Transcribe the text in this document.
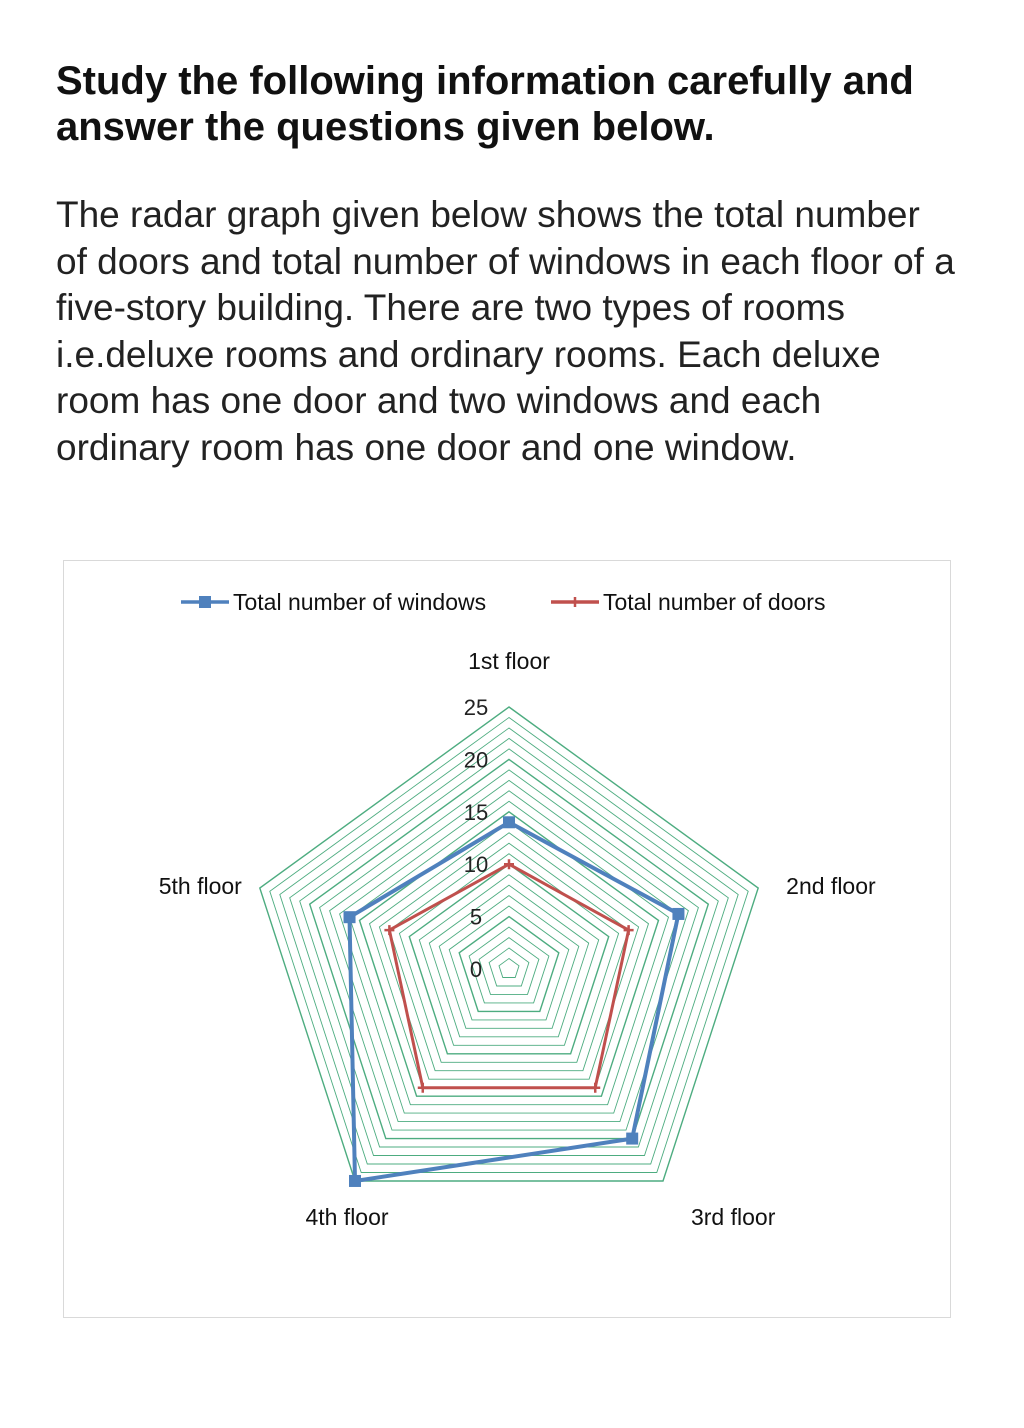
Study the following information carefully and answer the questions given below.

The radar graph given below shows the total number of doors and total number of windows in each floor of a five-story building. There are two types of rooms i.e.deluxe rooms and ordinary rooms. Each deluxe room has one door and two windows and each ordinary room has one door and one window.

0
5
10
15
20
25
1st floor
2nd floor
3rd floor
4th floor
5th floor
Total number of windows	Total number of doors
